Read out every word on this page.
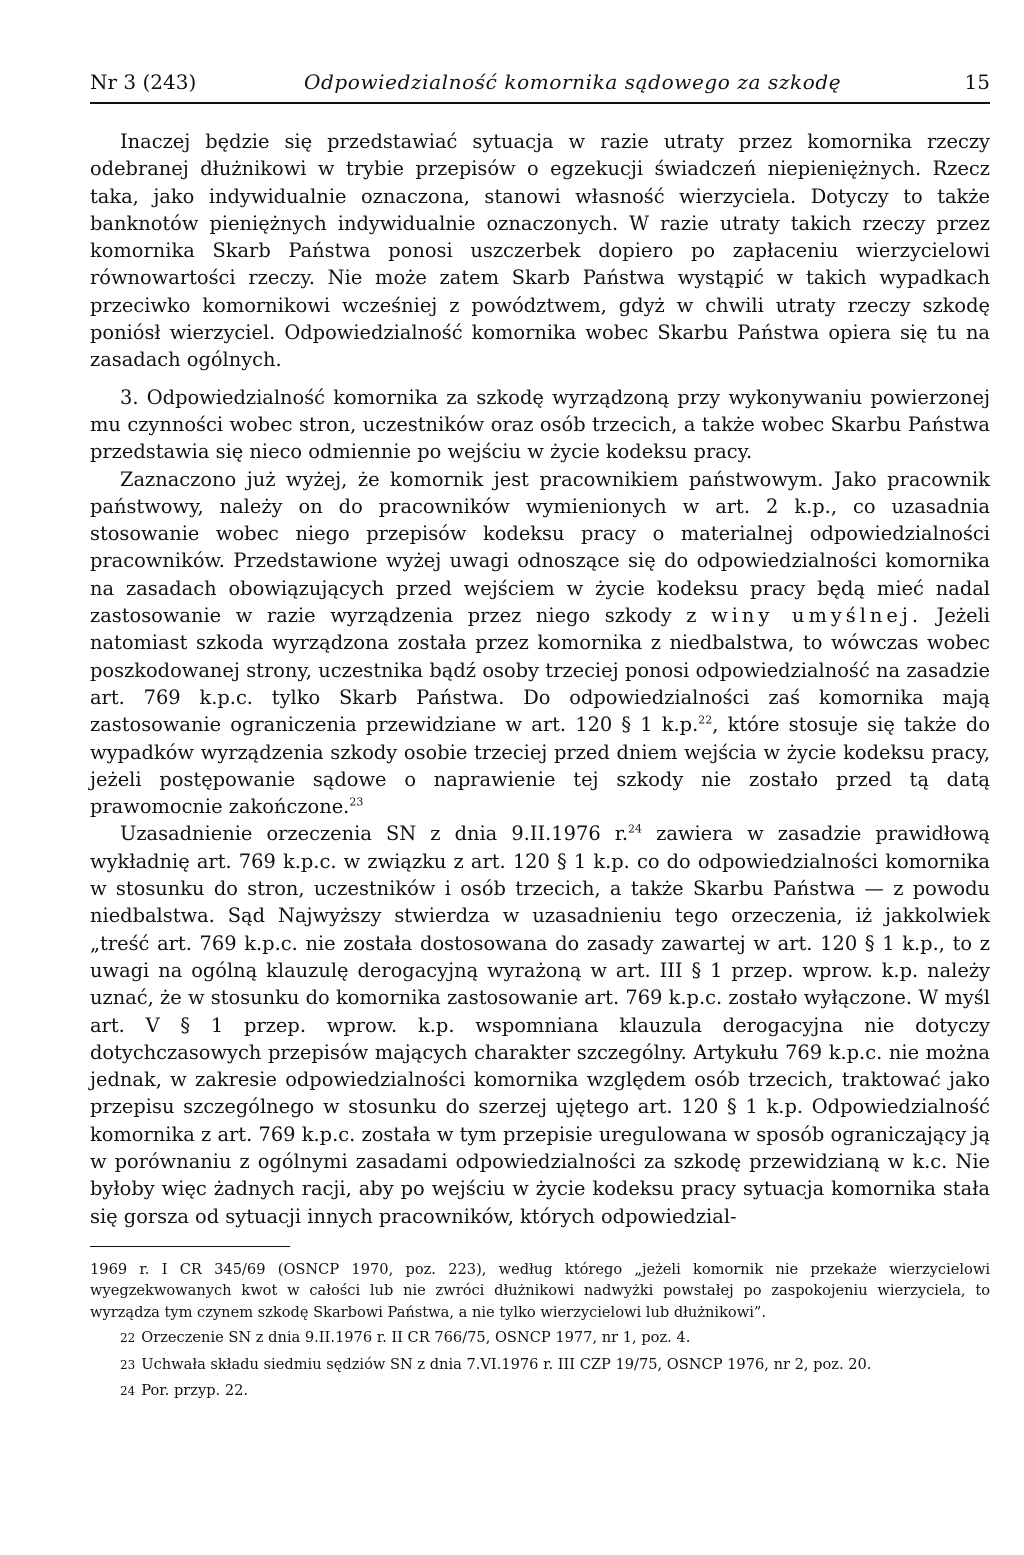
Nr 3 (243)	Odpowiedzialność komornika sądowego za szkodę	15

Inaczej będzie się przedstawiać sytuacja w razie utraty przez komornika rzeczy odebranej dłużnikowi w trybie przepisów o egzekucji świadczeń niepieniężnych. Rzecz taka, jako indywidualnie oznaczona, stanowi własność wierzyciela. Dotyczy to także banknotów pieniężnych indywidualnie oznaczonych. W razie utraty takich rzeczy przez komornika Skarb Państwa ponosi uszczerbek dopiero po zapłaceniu wierzycielowi równowartości rzeczy. Nie może zatem Skarb Państwa wystąpić w takich wypadkach przeciwko komornikowi wcześniej z powództwem, gdyż w chwili utraty rzeczy szkodę poniósł wierzyciel. Odpowiedzialność komornika wobec Skarbu Państwa opiera się tu na zasadach ogólnych.

3. Odpowiedzialność komornika za szkodę wyrządzoną przy wykonywaniu powierzonej mu czynności wobec stron, uczestników oraz osób trzecich, a także wobec Skarbu Państwa przedstawia się nieco odmiennie po wejściu w życie kodeksu pracy.

Zaznaczono już wyżej, że komornik jest pracownikiem państwowym. Jako pracownik państwowy, należy on do pracowników wymienionych w art. 2 k.p., co uzasadnia stosowanie wobec niego przepisów kodeksu pracy o materialnej odpowiedzialności pracowników. Przedstawione wyżej uwagi odnoszące się do odpowiedzialności komornika na zasadach obowiązujących przed wejściem w życie kodeksu pracy będą mieć nadal zastosowanie w razie wyrządzenia przez niego szkody z winy umyślnej. Jeżeli natomiast szkoda wyrządzona została przez komornika z niedbalstwa, to wówczas wobec poszkodowanej strony, uczestnika bądź osoby trzeciej ponosi odpowiedzialność na zasadzie art. 769 k.p.c. tylko Skarb Państwa. Do odpowiedzialności zaś komornika mają zastosowanie ograniczenia przewidziane w art. 120 § 1 k.p.$^{22}$, które stosuje się także do wypadków wyrządzenia szkody osobie trzeciej przed dniem wejścia w życie kodeksu pracy, jeżeli postępowanie sądowe o naprawienie tej szkody nie zostało przed tą datą prawomocnie zakończone.$^{23}$

Uzasadnienie orzeczenia SN z dnia 9.II.1976 r.$^{24}$ zawiera w zasadzie prawidłową wykładnię art. 769 k.p.c. w związku z art. 120 § 1 k.p. co do odpowiedzialności komornika w stosunku do stron, uczestników i osób trzecich, a także Skarbu Państwa — z powodu niedbalstwa. Sąd Najwyższy stwierdza w uzasadnieniu tego orzeczenia, iż jakkolwiek „treść art. 769 k.p.c. nie została dostosowana do zasady zawartej w art. 120 § 1 k.p., to z uwagi na ogólną klauzulę derogacyjną wyrażoną w art. III § 1 przep. wprow. k.p. należy uznać, że w stosunku do komornika zastosowanie art. 769 k.p.c. zostało wyłączone. W myśl art. V § 1 przep. wprow. k.p. wspomniana klauzula derogacyjna nie dotyczy dotychczasowych przepisów mających charakter szczególny. Artykułu 769 k.p.c. nie można jednak, w zakresie odpowiedzialności komornika względem osób trzecich, traktować jako przepisu szczególnego w stosunku do szerzej ujętego art. 120 § 1 k.p. Odpowiedzialność komornika z art. 769 k.p.c. została w tym przepisie uregulowana w sposób ograniczający ją w porównaniu z ogólnymi zasadami odpowiedzialności za szkodę przewidzianą w k.c. Nie byłoby więc żadnych racji, aby po wejściu w życie kodeksu pracy sytuacja komornika stała się gorsza od sytuacji innych pracowników, których odpowiedzial-

1969 r. I CR 345/69 (OSNCP 1970, poz. 223), według którego „jeżeli komornik nie przekaże wierzycielowi wyegzekwowanych kwot w całości lub nie zwróci dłużnikowi nadwyżki powstałej po zaspokojeniu wierzyciela, to wyrządza tym czynem szkodę Skarbowi Państwa, a nie tylko wierzycielowi lub dłużnikowi”.

22 Orzeczenie SN z dnia 9.II.1976 r. II CR 766/75, OSNCP 1977, nr 1, poz. 4.

23 Uchwała składu siedmiu sędziów SN z dnia 7.VI.1976 r. III CZP 19/75, OSNCP 1976, nr 2, poz. 20.

24 Por. przyp. 22.
